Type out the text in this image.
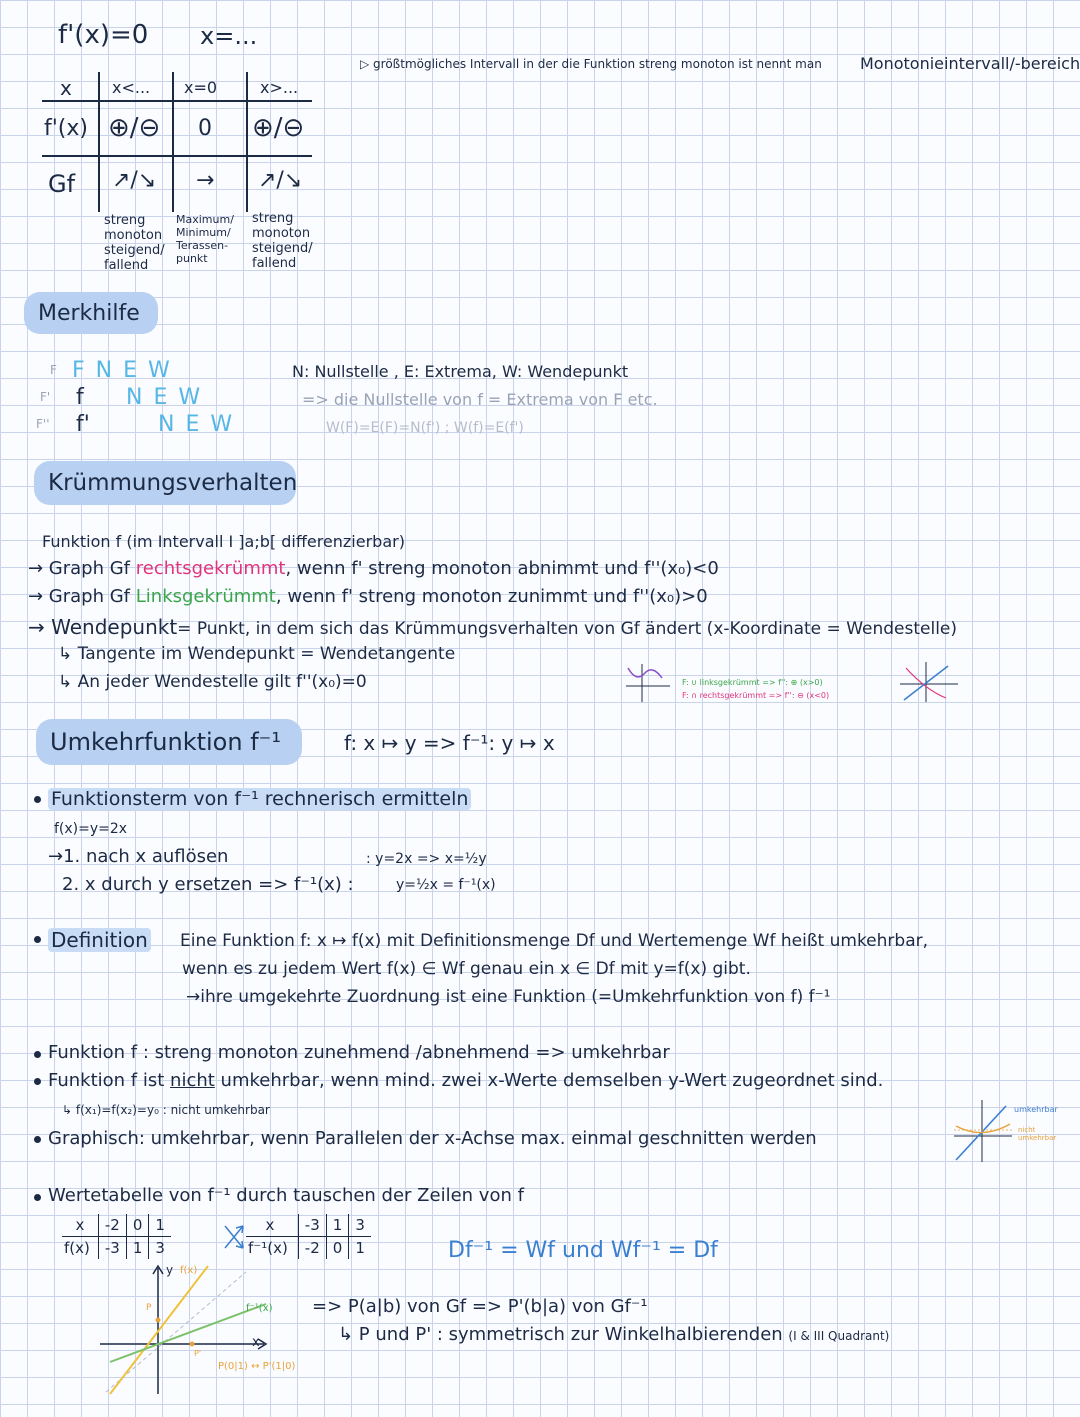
f'(x)=0 x=...
▷ größtmögliches Intervall in der die Funktion streng monoton ist nennt man Monotonieintervall/-bereich
x	x<... x=0	x>...
f'(x) ⊕/⊖ 0 ⊕/⊖
Gf ↗/↘ → ↗/↘
streng
monoton
steigend/
fallend
Maximum/
Minimum/
Terassen-
punkt
streng
monoton
steigend/
fallend
Merkhilfe
F F N E W
F' f N E W
F'' f'	N E W
N: Nullstelle , E: Extrema, W: Wendepunkt
=> die Nullstelle von f = Extrema von F etc.
W(F)=E(F)=N(f') ; W(f)=E(f')
Krümmungsverhalten
Funktion f (im Intervall I ]a;b[ differenzierbar)
→ Graph Gf rechtsgekrümmt, wenn f' streng monoton abnimmt und f''(x₀)<0
→ Graph Gf Linksgekrümmt, wenn f' streng monoton zunimmt und f''(x₀)>0
→ Wendepunkt= Punkt, in dem sich das Krümmungsverhalten von Gf ändert (x-Koordinate = Wendestelle)
↳ Tangente im Wendepunkt = Wendetangente
↳ An jeder Wendestelle gilt f''(x₀)=0	F: ∪ linksgekrümmt => f'': ⊕ (x>0)
F: ∩ rechtsgekrümmt => f'': ⊖ (x<0)
Umkehrfunktion f⁻¹	f: x ↦ y => f⁻¹: y ↦ x
Funktionsterm von f⁻¹ rechnerisch ermitteln
f(x)=y=2x
→1. nach x auflösen	: y=2x => x=½y
2. x durch y ersetzen => f⁻¹(x) :	y=½x = f⁻¹(x)
Definition Eine Funktion f: x ↦ f(x) mit Definitionsmenge Df und Wertemenge Wf heißt umkehrbar,
wenn es zu jedem Wert f(x) ∈ Wf genau ein x ∈ Df mit y=f(x) gibt.
→ihre umgekehrte Zuordnung ist eine Funktion (=Umkehrfunktion von f) f⁻¹
Funktion f : streng monoton zunehmend /abnehmend => umkehrbar
Funktion f ist nicht umkehrbar, wenn mind. zwei x-Werte demselben y-Wert zugeordnet sind.
↳ f(x₁)=f(x₂)=y₀ : nicht umkehrbar
Graphisch: umkehrbar, wenn Parallelen der x-Achse max. einmal geschnitten werden
umkehrbar
nicht umkehrbar
Wertetabelle von f⁻¹ durch tauschen der Zeilen von f
x	-2	0	1
f(x)	-3	1	3
x	-3	1	3
f⁻¹(x)	-2	0	1	Df⁻¹ = Wf und Wf⁻¹ = Df
y f(x)
P	f⁻¹(x)
x
P'
P(0|1) ↔ P'(1|0)
=> P(a|b) von Gf => P'(b|a) von Gf⁻¹
↳ P und P' : symmetrisch zur Winkelhalbierenden (I & III Quadrant)
